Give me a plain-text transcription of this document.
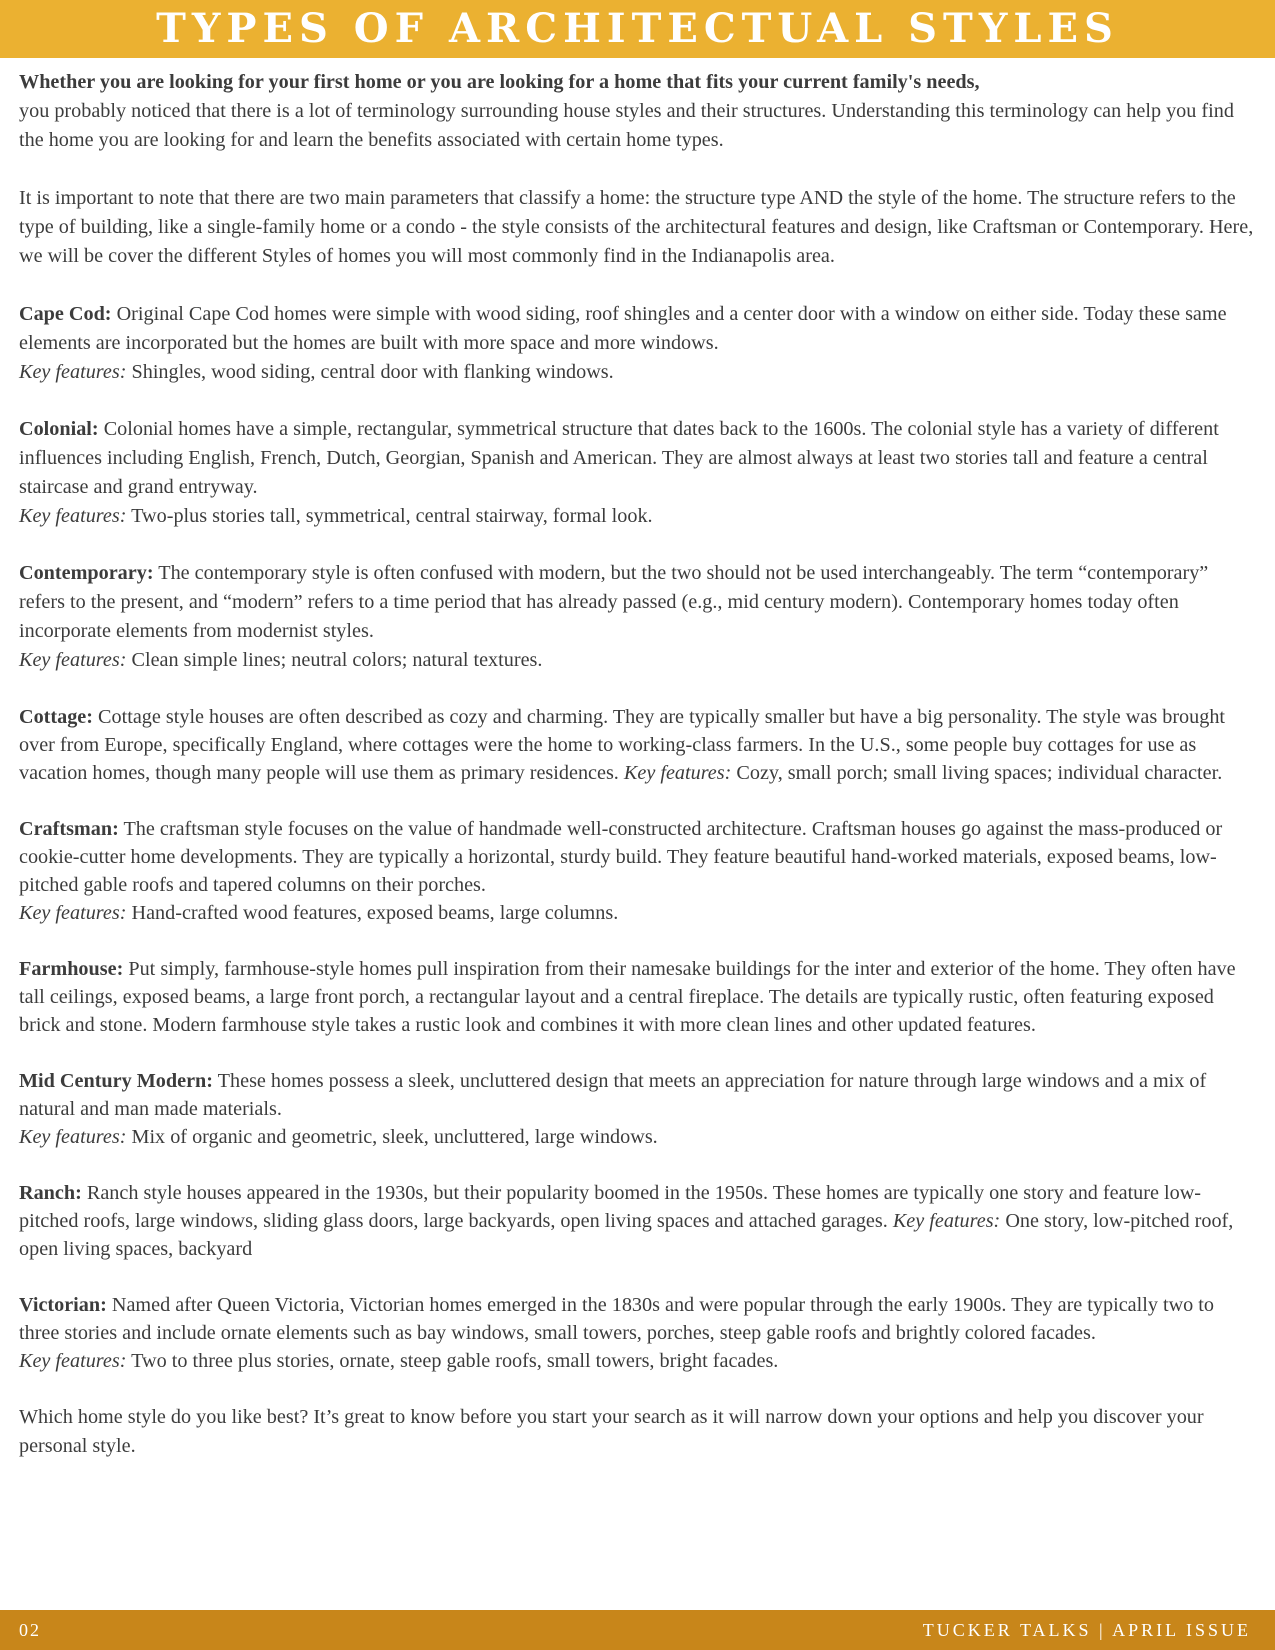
TYPES OF ARCHITECTUAL STYLES

Whether you are looking for your first home or you are looking for a home that fits your current family's needs,
you probably noticed that there is a lot of terminology surrounding house styles and their structures. Understanding this terminology can help you find the home you are looking for and learn the benefits associated with certain home types.

It is important to note that there are two main parameters that classify a home: the structure type AND the style of the home. The structure refers to the type of building, like a single-family home or a condo - the style consists of the architectural features and design, like Craftsman or Contemporary. Here, we will be cover the different Styles of homes you will most commonly find in the Indianapolis area.

Cape Cod: Original Cape Cod homes were simple with wood siding, roof shingles and a center door with a window on either side. Today these same elements are incorporated but the homes are built with more space and more windows.
Key features: Shingles, wood siding, central door with flanking windows.

Colonial: Colonial homes have a simple, rectangular, symmetrical structure that dates back to the 1600s. The colonial style has a variety of different influences including English, French, Dutch, Georgian, Spanish and American. They are almost always at least two stories tall and feature a central staircase and grand entryway.
Key features: Two-plus stories tall, symmetrical, central stairway, formal look.

Contemporary: The contemporary style is often confused with modern, but the two should not be used interchangeably. The term “contemporary” refers to the present, and “modern” refers to a time period that has already passed (e.g., mid century modern). Contemporary homes today often incorporate elements from modernist styles.
Key features: Clean simple lines; neutral colors; natural textures.

Cottage: Cottage style houses are often described as cozy and charming. They are typically smaller but have a big personality. The style was brought over from Europe, specifically England, where cottages were the home to working-class farmers. In the U.S., some people buy cottages for use as vacation homes, though many people will use them as primary residences. Key features: Cozy, small porch; small living spaces; individual character.

Craftsman: The craftsman style focuses on the value of handmade well-constructed architecture. Craftsman houses go against the mass-produced or cookie-cutter home developments. They are typically a horizontal, sturdy build. They feature beautiful hand-worked materials, exposed beams, low-pitched gable roofs and tapered columns on their porches.
Key features: Hand-crafted wood features, exposed beams, large columns.

Farmhouse: Put simply, farmhouse-style homes pull inspiration from their namesake buildings for the inter and exterior of the home. They often have tall ceilings, exposed beams, a large front porch, a rectangular layout and a central fireplace. The details are typically rustic, often featuring exposed brick and stone. Modern farmhouse style takes a rustic look and combines it with more clean lines and other updated features.

Mid Century Modern: These homes possess a sleek, uncluttered design that meets an appreciation for nature through large windows and a mix of natural and man made materials.
Key features: Mix of organic and geometric, sleek, uncluttered, large windows.

Ranch: Ranch style houses appeared in the 1930s, but their popularity boomed in the 1950s. These homes are typically one story and feature low-pitched roofs, large windows, sliding glass doors, large backyards, open living spaces and attached garages. Key features: One story, low-pitched roof, open living spaces, backyard

Victorian: Named after Queen Victoria, Victorian homes emerged in the 1830s and were popular through the early 1900s. They are typically two to three stories and include ornate elements such as bay windows, small towers, porches, steep gable roofs and brightly colored facades.
Key features: Two to three plus stories, ornate, steep gable roofs, small towers, bright facades.

Which home style do you like best? It’s great to know before you start your search as it will narrow down your options and help you discover your personal style.

02	TUCKER TALKS | APRIL ISSUE
